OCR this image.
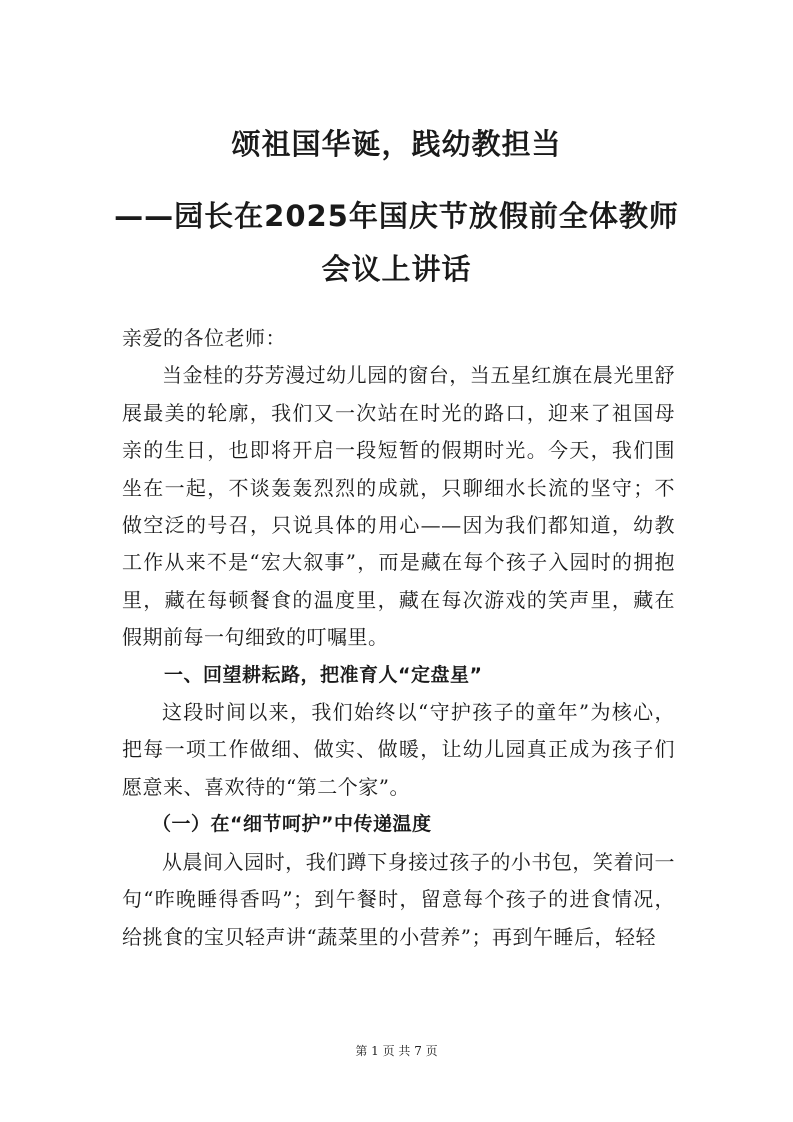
颂祖国华诞，践幼教担当
——园长在2025年国庆节放假前全体教师
会议上讲话

亲爱的各位老师：

当金桂的芬芳漫过幼儿园的窗台，当五星红旗在晨光里舒展最美的轮廓，我们又一次站在时光的路口，迎来了祖国母亲的生日，也即将开启一段短暂的假期时光。今天，我们围坐在一起，不谈轰轰烈烈的成就，只聊细水长流的坚守；不做空泛的号召，只说具体的用心——因为我们都知道，幼教工作从来不是“宏大叙事”，而是藏在每个孩子入园时的拥抱里，藏在每顿餐食的温度里，藏在每次游戏的笑声里，藏在假期前每一句细致的叮嘱里。

一、回望耕耘路，把准育人“定盘星”

这段时间以来，我们始终以“守护孩子的童年”为核心，把每一项工作做细、做实、做暖，让幼儿园真正成为孩子们愿意来、喜欢待的“第二个家”。

（一）在“细节呵护”中传递温度

从晨间入园时，我们蹲下身接过孩子的小书包，笑着问一句“昨晚睡得香吗”；到午餐时，留意每个孩子的进食情况，给挑食的宝贝轻声讲“蔬菜里的小营养”；再到午睡后，轻轻

第 1 页 共 7 页
